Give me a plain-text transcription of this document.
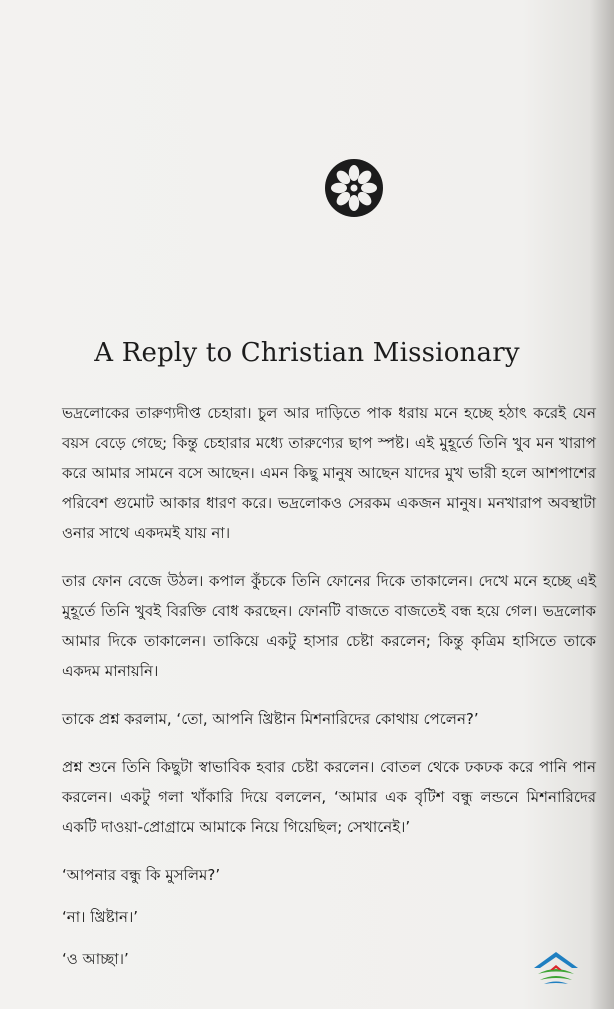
A Reply to Christian Missionary

ভদ্রলোকের তারুণ্যদীপ্ত চেহারা। চুল আর দাড়িতে পাক ধরায় মনে হচ্ছে হঠাৎ করেই যেন বয়স বেড়ে গেছে; কিন্তু চেহারার মধ্যে তারুণ্যের ছাপ স্পষ্ট। এই মুহূর্তে তিনি খুব মন খারাপ করে আমার সামনে বসে আছেন। এমন কিছু মানুষ আছেন যাদের মুখ ভারী হলে আশপাশের পরিবেশ গুমোট আকার ধারণ করে। ভদ্রলোকও সেরকম একজন মানুষ। মনখারাপ অবস্থাটা ওনার সাথে একদমই যায় না।

তার ফোন বেজে উঠল। কপাল কুঁচকে তিনি ফোনের দিকে তাকালেন। দেখে মনে হচ্ছে এই মুহূর্তে তিনি খুবই বিরক্তি বোধ করছেন। ফোনটি বাজতে বাজতেই বন্ধ হয়ে গেল। ভদ্রলোক আমার দিকে তাকালেন। তাকিয়ে একটু হাসার চেষ্টা করলেন; কিন্তু কৃত্রিম হাসিতে তাকে একদম মানায়নি।

তাকে প্রশ্ন করলাম, ‘তো, আপনি খ্রিষ্টান মিশনারিদের কোথায় পেলেন?’

প্রশ্ন শুনে তিনি কিছুটা স্বাভাবিক হবার চেষ্টা করলেন। বোতল থেকে ঢকঢক করে পানি পান করলেন। একটু গলা খাঁকারি দিয়ে বললেন, ‘আমার এক বৃটিশ বন্ধু লন্ডনে মিশনারিদের একটি দাওয়া-প্রোগ্রামে আমাকে নিয়ে গিয়েছিল; সেখানেই।’

‘আপনার বন্ধু কি মুসলিম?’

‘না। খ্রিষ্টান।’

‘ও আচ্ছা।’
